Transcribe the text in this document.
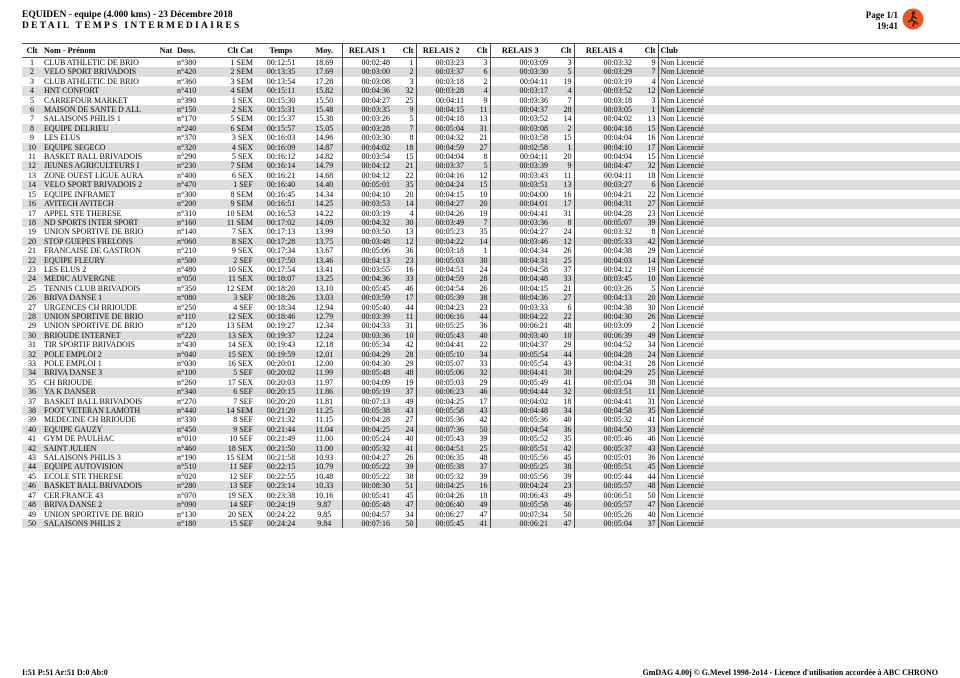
EQUIDEN - equipe (4.000 kms) - 23 Décembre 2018
DETAIL TEMPS INTERMEDIAIRES
Page 1/1
19:41
Clt	Nom - Prénom	Nat	Doss.	Clt Cat	Temps	Moy.	RELAIS 1	Clt	RELAIS 2	Clt	RELAIS 3	Clt	RELAIS 4	Clt	Club
1	CLUB ATHLETIC DE BRIO		n°380	1 SEM	00:12:51	18.69	00:02:48	1	00:03:23	3	00:03:09	3	00:03:32	9	Non Licencié
2	VELO SPORT BRIVADOIS		n°420	2 SEM	00:13:35	17.69	00:03:00	2	00:03:37	6	00:03:30	5	00:03:29	7	Non Licencié
3	CLUB ATHLETIC DE BRIO		n°360	3 SEM	00:13:54	17.28	00:03:08	3	00:03:18	2	00:04:11	19	00:03:19	4	Non Licencié
4	HNT CONFORT		n°410	4 SEM	00:15:11	15.82	00:04:36	32	00:03:28	4	00:03:17	4	00:03:52	12	Non Licencié
5	CARREFOUR MARKET		n°390	1 SEX	00:15:30	15.50	00:04:27	25	00:04:11	9	00:03:36	7	00:03:18	3	Non Licencié
6	MAISON DE SANTE D ALL		n°150	2 SEX	00:15:31	15.48	00:03:35	9	00:04:15	11	00:04:37	28	00:03:05	1	Non Licencié
7	SALAISONS PHILIS 1		n°170	5 SEM	00:15:37	15.38	00:03:26	5	00:04:18	13	00:03:52	14	00:04:02	13	Non Licencié
8	EQUIPE DELRIEU		n°240	6 SEM	00:15:57	15.05	00:03:28	7	00:05:04	31	00:03:08	2	00:04:18	15	Non Licencié
9	LES ELUS		n°370	3 SEX	00:16:03	14.96	00:03:30	8	00:04:32	21	00:03:58	15	00:04:04	16	Non Licencié
10	EQUIPE SEGECO		n°320	4 SEX	00:16:09	14.87	00:04:02	18	00:04:59	27	00:02:58	1	00:04:10	17	Non Licencié
11	BASKET BALL BRIVADOIS		n°290	5 SEX	00:16:12	14.82	00:03:54	15	00:04:04	8	00:04:11	20	00:04:04	15	Non Licencié
12	JEUNES AGRICULTEURS I		n°230	7 SEM	00:16:14	14.79	00:04:12	21	00:03:37	5	00:03:39	9	00:04:47	32	Non Licencié
13	ZONE OUEST LIGUE AURA		n°400	6 SEX	00:16:21	14.68	00:04:12	22	00:04:16	12	00:03:43	11	00:04:11	18	Non Licencié
14	VELO SPORT BRIVADOIS 2		n°470	1 SEF	00:16:40	14.40	00:05:01	35	00:04:24	15	00:03:51	13	00:03:27	6	Non Licencié
15	EQUIPE INFRAMET		n°300	8 SEM	00:16:45	14.34	00:04:10	20	00:04:15	10	00:04:00	16	00:04:21	22	Non Licencié
16	AVITECH AVITECH		n°200	9 SEM	00:16:51	14.25	00:03:53	14	00:04:27	20	00:04:01	17	00:04:31	27	Non Licencié
17	APPEL STE THERESE		n°310	10 SEM	00:16:53	14.22	00:03:19	4	00:04:26	19	00:04:41	31	00:04:28	23	Non Licencié
18	ND SPORTS INTER SPORT		n°160	11 SEM	00:17:02	14.09	00:04:32	30	00:03:49	7	00:03:36	8	00:05:07	39	Non Licencié
19	UNION SPORTIVE DE BRIO		n°140	7 SEX	00:17:13	13.99	00:03:50	13	00:05:23	35	00:04:27	24	00:03:32	8	Non Licencié
20	STOP GUEPES FRELONS		n°060	8 SEX	00:17:28	13.75	00:03:48	12	00:04:22	14	00:03:46	12	00:05:33	42	Non Licencié
21	FRANCAISE DE GASTRON		n°210	9 SEX	00:17:34	13.67	00:05:06	36	00:03:18	1	00:04:34	26	00:04:38	29	Non Licencié
22	EQUIPE FLEURY		n°500	2 SEF	00:17:50	13.46	00:04:13	23	00:05:03	30	00:04:31	25	00:04:03	14	Non Licencié
23	LES ELUS 2		n°480	10 SEX	00:17:54	13.41	00:03:55	16	00:04:51	24	00:04:58	37	00:04:12	19	Non Licencié
24	MEDIC AUVERGNE		n°050	11 SEX	00:18:07	13.25	00:04:36	33	00:04:59	28	00:04:48	33	00:03:45	10	Non Licencié
25	TENNIS CLUB BRIVADOIS		n°350	12 SEM	00:18:20	13.10	00:05:45	46	00:04:54	26	00:04:15	21	00:03:26	5	Non Licencié
26	BRIVA DANSE 1		n°080	3 SEF	00:18:26	13.03	00:03:59	17	00:05:39	38	00:04:36	27	00:04:13	20	Non Licencié
27	URGENCES CH BRIOUDE		n°250	4 SEF	00:18:34	12.94	00:05:40	44	00:04:23	23	00:03:33	6	00:04:38	30	Non Licencié
28	UNION SPORTIVE DE BRIO		n°110	12 SEX	00:18:46	12.79	00:03:39	11	00:06:16	44	00:04:22	22	00:04:30	26	Non Licencié
29	UNION SPORTIVE DE BRIO		n°120	13 SEM	00:19:27	12.34	00:04:33	31	00:05:25	36	00:06:21	48	00:03:09	2	Non Licencié
30	BRIOUDE INTERNET		n°220	13 SEX	00:19:37	12.24	00:03:36	10	00:05:43	40	00:03:40	10	00:06:39	49	Non Licencié
31	TIR SPORTIF BRIVADOIS		n°430	14 SEX	00:19:43	12.18	00:05:34	42	00:04:41	22	00:04:37	29	00:04:52	34	Non Licencié
32	POLE EMPLOI 2		n°040	15 SEX	00:19:59	12.01	00:04:29	28	00:05:10	34	00:05:54	44	00:04:28	24	Non Licencié
33	POLE EMPLOI 1		n°030	16 SEX	00:20:01	12.00	00:04:30	29	00:05:07	33	00:05:54	43	00:04:31	28	Non Licencié
34	BRIVA DANSE 3		n°100	5 SEF	00:20:02	11.99	00:05:48	48	00:05:06	32	00:04:41	30	00:04:29	25	Non Licencié
35	CH BRIOUDE		n°260	17 SEX	00:20:03	11.97	00:04:09	19	00:05:03	29	00:05:49	41	00:05:04	38	Non Licencié
36	YA K DANSER		n°340	6 SEF	00:20:15	11.86	00:05:19	37	00:06:23	46	00:04:44	32	00:03:51	11	Non Licencié
37	BASKET BALL BRIVADOIS		n°270	7 SEF	00:20:20	11.81	00:07:13	49	00:04:25	17	00:04:02	18	00:04:41	31	Non Licencié
38	FOOT VETERAN LAMOTH		n°440	14 SEM	00:21:20	11.25	00:05:38	43	00:05:58	43	00:04:48	34	00:04:58	35	Non Licencié
39	MEDECINE CH BRIOUDE		n°330	8 SEF	00:21:32	11.15	00:04:28	27	00:05:36	42	00:05:36	40	00:05:32	41	Non Licencié
40	EQUIPE GAUZY		n°450	9 SEF	00:21:44	11.04	00:04:25	24	00:07:36	50	00:04:54	36	00:04:50	33	Non Licencié
41	GYM DE PAULHAC		n°010	10 SEF	00:21:49	11.00	00:05:24	40	00:05:43	39	00:05:52	35	00:05:46	46	Non Licencié
42	SAINT JULIEN		n°460	18 SEX	00:21:50	11.00	00:05:32	41	00:04:51	25	00:05:51	42	00:05:37	43	Non Licencié
43	SALAISONS PHILIS 3		n°190	15 SEM	00:21:58	10.93	00:04:27	26	00:06:35	48	00:05:56	45	00:05:01	36	Non Licencié
44	EQUIPE AUTOVISION		n°510	11 SEF	00:22:15	10.79	00:05:22	39	00:05:38	37	00:05:25	38	00:05:51	45	Non Licencié
45	ECOLE STE THERESE		n°020	12 SEF	00:22:55	10.48	00:05:22	38	00:05:32	39	00:05:56	39	00:05:44	44	Non Licencié
46	BASKET BALL BRIVADOIS		n°280	13 SEF	00:23:14	10.33	00:08:30	51	00:04:25	16	00:04:24	23	00:05:57	48	Non Licencié
47	CER FRANCE 43		n°070	19 SEX	00:23:38	10.16	00:05:41	45	00:04:26	18	00:06:43	49	00:06:51	50	Non Licencié
48	BRIVA DANSE 2		n°090	14 SEF	00:24:19	9.87	00:05:48	47	00:06:40	49	00:05:58	46	00:05:57	47	Non Licencié
49	UNION SPORTIVE DE BRIO		n°130	20 SEX	00:24:22	9.85	00:04:57	34	00:06:27	47	00:07:34	50	00:05:26	40	Non Licencié
50	SALAISONS PHILIS 2		n°180	15 SEF	00:24:24	9.84	00:07:16	50	00:05:45	41	00:06:21	47	00:05:04	37	Non Licencié
I:51 P:51 Ar:51 D:0 Ab:0	GmDAG 4.00j © G.Mevel 1998-2o14 - Licence d'utilisation accordée à ABC CHRONO
